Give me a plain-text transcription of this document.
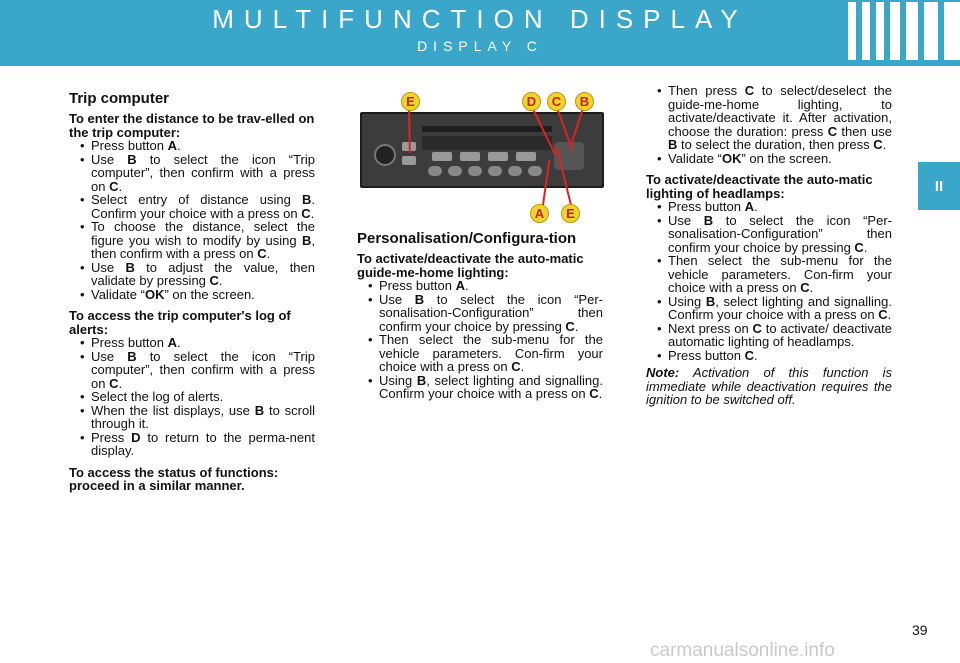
MULTIFUNCTION DISPLAY
DISPLAY C
II
Trip computer
To enter the distance to be trav-elled on the trip computer:

• Press button A.

• Use B to select the icon “Trip computer”, then confirm with a press on C.

• Select entry of distance using B. Confirm your choice with a press on C.

• To choose the distance, select the figure you wish to modify by using B, then confirm with a press on C.

• Use B to adjust the value, then validate by pressing C.

• Validate “OK” on the screen.

To access the trip computer's log of alerts:

• Press button A.

• Use B to select the icon “Trip computer”, then confirm with a press on C.

• Select the log of alerts.

• When the list displays, use B to scroll through it.

• Press D to return to the perma-nent display.

To access the status of functions: proceed in a similar manner.
E	D	C	B
A	E
Personalisation/Configura-tion
To activate/deactivate the auto-matic guide-me-home lighting:

• Press button A.

• Use B to select the icon “Per-sonalisation-Configuration” then confirm your choice by pressing C.

• Then select the sub-menu for the vehicle parameters. Con-firm your choice with a press on C.

• Using B, select lighting and signalling. Confirm your choice with a press on C.

• Then press C to select/deselect the guide-me-home lighting, to activate/deactivate it. After activation, choose the duration: press C then use B to select the duration, then press C.

• Validate “OK” on the screen.

To activate/deactivate the auto-matic lighting of headlamps:

• Press button A.

• Use B to select the icon “Per-sonalisation-Configuration” then confirm your choice by pressing C.

• Then select the sub-menu for the vehicle parameters. Con-firm your choice with a press on C.

• Using B, select lighting and signalling. Confirm your choice with a press on C.

• Next press on C to activate/ deactivate automatic lighting of headlamps.

• Press button C.

Note: Activation of this function is immediate while deactivation requires the ignition to be switched off.

39
carmanualsonline.info
